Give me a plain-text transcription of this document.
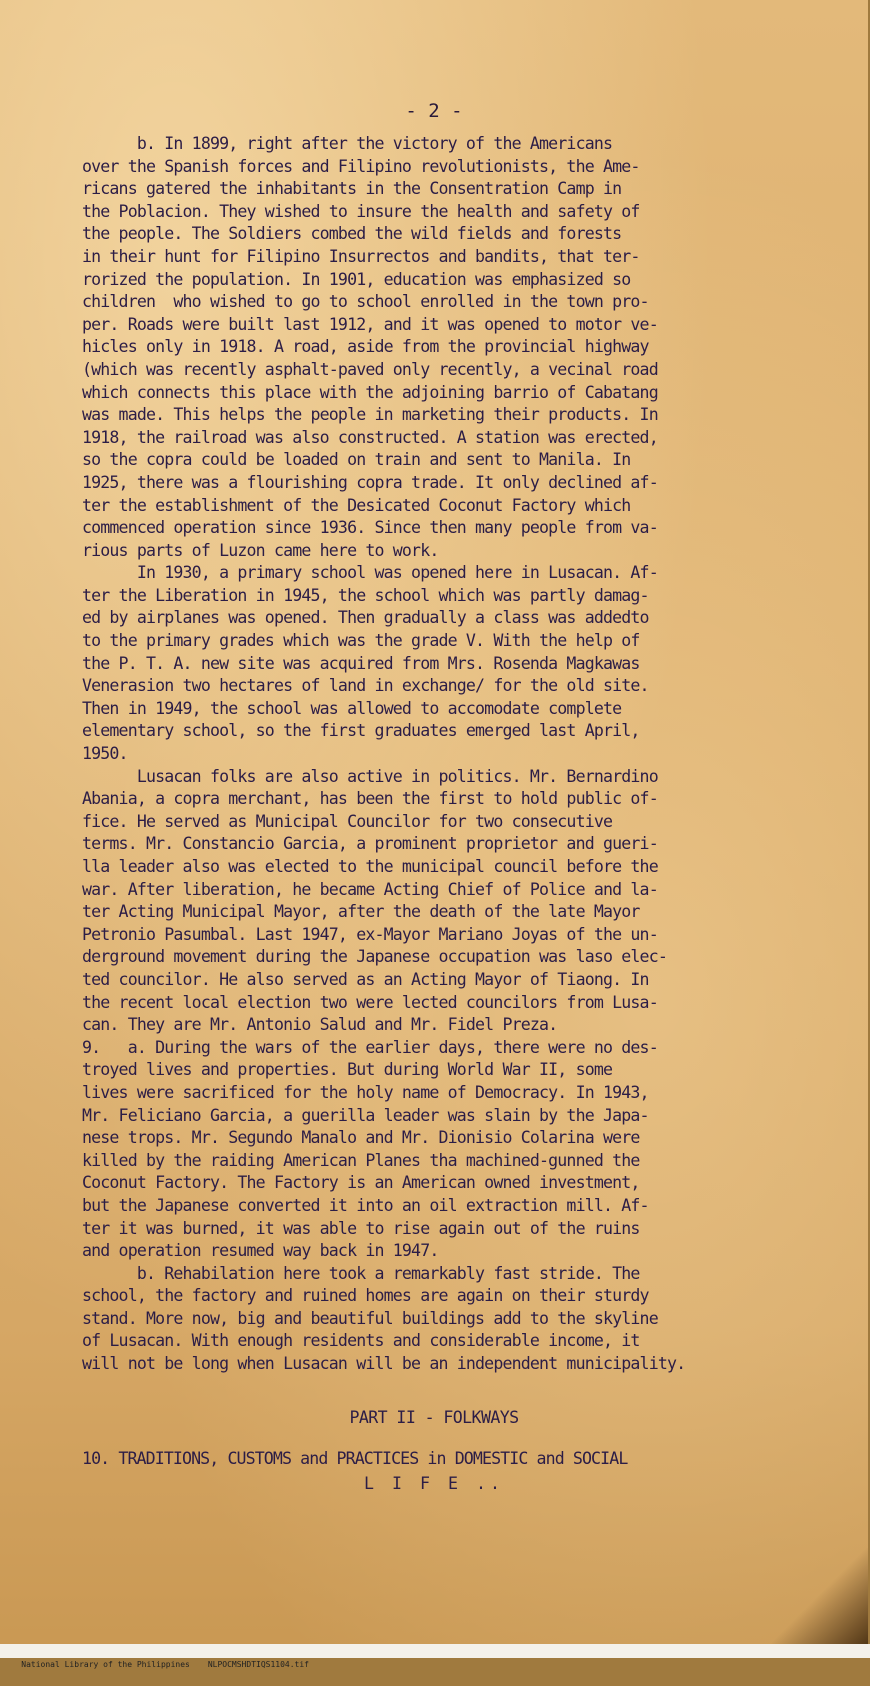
- 2 -
b. In 1899, right after the victory of the Americans
over the Spanish forces and Filipino revolutionists, the Ame-
ricans gatered the inhabitants in the Consentration Camp in
the Poblacion. They wished to insure the health and safety of
the people. The Soldiers combed the wild fields and forests
in their hunt for Filipino Insurrectos and bandits, that ter-
rorized the population. In 1901, education was emphasized so
children  who wished to go to school enrolled in the town pro-
per. Roads were built last 1912, and it was opened to motor ve-
hicles only in 1918. A road, aside from the provincial highway
(which was recently asphalt-paved only recently, a vecinal road
which connects this place with the adjoining barrio of Cabatang
was made. This helps the people in marketing their products. In
1918, the railroad was also constructed. A station was erected,
so the copra could be loaded on train and sent to Manila. In
1925, there was a flourishing copra trade. It only declined af-
ter the establishment of the Desicated Coconut Factory which
commenced operation since 1936. Since then many people from va-
rious parts of Luzon came here to work.
In 1930, a primary school was opened here in Lusacan. Af-
ter the Liberation in 1945, the school which was partly damag-
ed by airplanes was opened. Then gradually a class was addedto
to the primary grades which was the grade V. With the help of
the P. T. A. new site was acquired from Mrs. Rosenda Magkawas
Venerasion two hectares of land in exchange/ for the old site.
Then in 1949, the school was allowed to accomodate complete
elementary school, so the first graduates emerged last April,
1950.
Lusacan folks are also active in politics. Mr. Bernardino
Abania, a copra merchant, has been the first to hold public of-
fice. He served as Municipal Councilor for two consecutive
terms. Mr. Constancio Garcia, a prominent proprietor and gueri-
lla leader also was elected to the municipal council before the
war. After liberation, he became Acting Chief of Police and la-
ter Acting Municipal Mayor, after the death of the late Mayor
Petronio Pasumbal. Last 1947, ex-Mayor Mariano Joyas of the un-
derground movement during the Japanese occupation was laso elec-
ted councilor. He also served as an Acting Mayor of Tiaong. In
the recent local election two were lected councilors from Lusa-
can. They are Mr. Antonio Salud and Mr. Fidel Preza.
9.   a. During the wars of the earlier days, there were no des-
troyed lives and properties. But during World War II, some
lives were sacrificed for the holy name of Democracy. In 1943,
Mr. Feliciano Garcia, a guerilla leader was slain by the Japa-
nese trops. Mr. Segundo Manalo and Mr. Dionisio Colarina were
killed by the raiding American Planes tha machined-gunned the
Coconut Factory. The Factory is an American owned investment,
but the Japanese converted it into an oil extraction mill. Af-
ter it was burned, it was able to rise again out of the ruins
and operation resumed way back in 1947.
b. Rehabilation here took a remarkably fast stride. The
school, the factory and ruined homes are again on their sturdy
stand. More now, big and beautiful buildings add to the skyline
of Lusacan. With enough residents and considerable income, it
will not be long when Lusacan will be an independent municipality.
PART II - FOLKWAYS
10. TRADITIONS, CUSTOMS and PRACTICES in DOMESTIC and SOCIAL
L I F E ..

National Library of the Philippines NLPOCMSHDTIQS1104.tif
